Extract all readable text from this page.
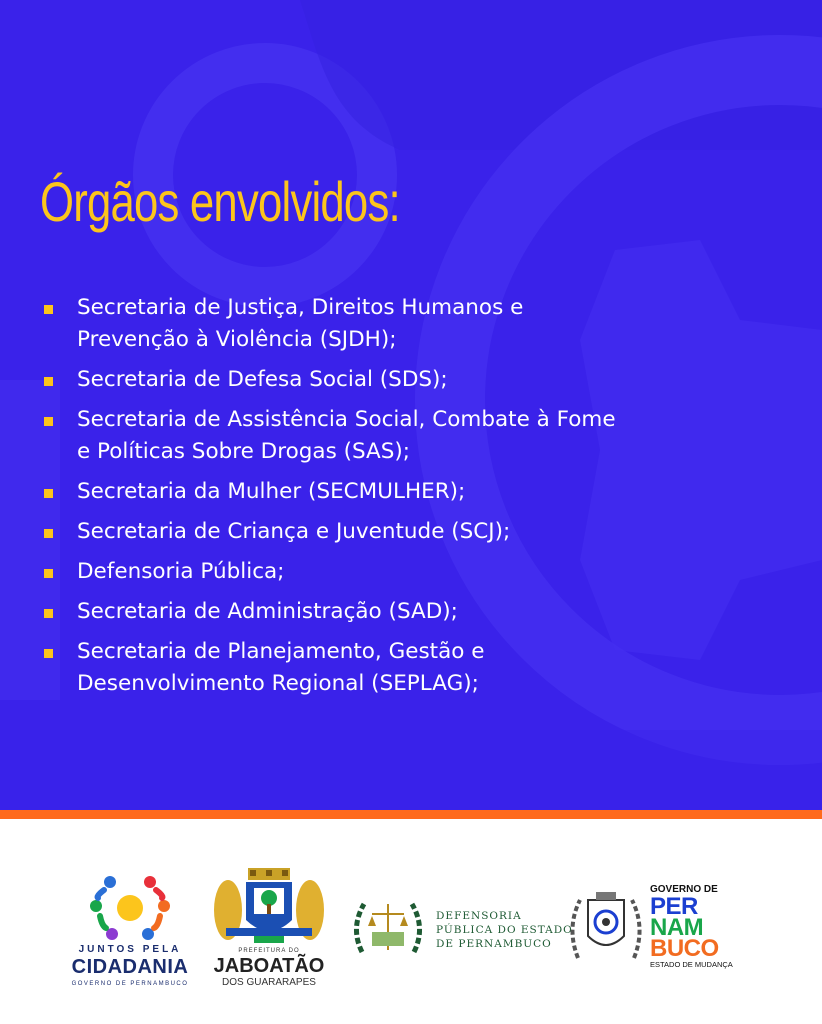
Órgãos envolvidos:
Secretaria de Justiça, Direitos Humanos e
Prevenção à Violência (SJDH);
Secretaria de Defesa Social (SDS);
Secretaria de Assistência Social, Combate à Fome
e Políticas Sobre Drogas (SAS);
Secretaria da Mulher (SECMULHER);
Secretaria de Criança e Juventude (SCJ);
Defensoria Pública;
Secretaria de Administração (SAD);
Secretaria de Planejamento, Gestão e
Desenvolvimento Regional (SEPLAG);
JUNTOS PELA
CIDADANIA
GOVERNO DE PERNAMBUCO
PREFEITURA DO
JABOATÃO
DOS GUARARAPES
DEFENSORIA
PÚBLICA DO ESTADO
DE PERNAMBUCO
GOVERNO DE
PER
NAM
BUCO
ESTADO DE MUDANÇA
